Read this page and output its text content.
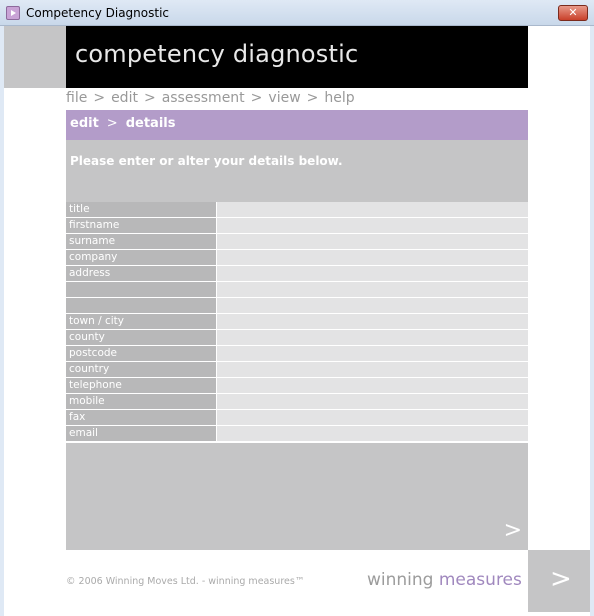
Competency Diagnostic	✕
competency diagnostic
file > edit > assessment > view > help
edit > details
Please enter or alter your details below.
title
firstname
surname
company
address
town / city
county
postcode
country
telephone
mobile
fax
email
>
© 2006 Winning Moves Ltd. - winning measures™	winning measures >
